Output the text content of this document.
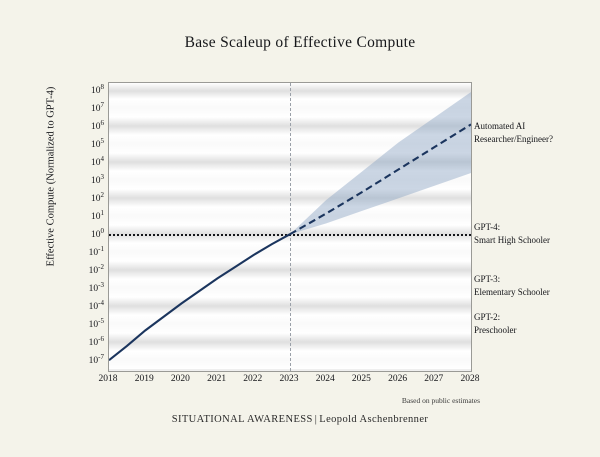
Base Scaleup of Effective Compute
Effective Compute (Normalized to GPT-4)	$10^8$
$10^7$
$10^6$
$10^5$
$10^4$
$10^3$
$10^2$
$10^1$
$10^0$
$10^{-1}$
$10^{-2}$
$10^{-3}$
$10^{-4}$
$10^{-5}$
$10^{-6}$
$10^{-7}$
2018 2019 2020 2021 2022 2023 2024 2025 2026 2027 2028
Automated AI
Researcher/Engineer?
GPT-4:
Smart High Schooler
GPT-3:
Elementary Schooler
GPT-2:
Preschooler
Based on public estimates
SITUATIONAL AWARENESS | Leopold Aschenbrenner
